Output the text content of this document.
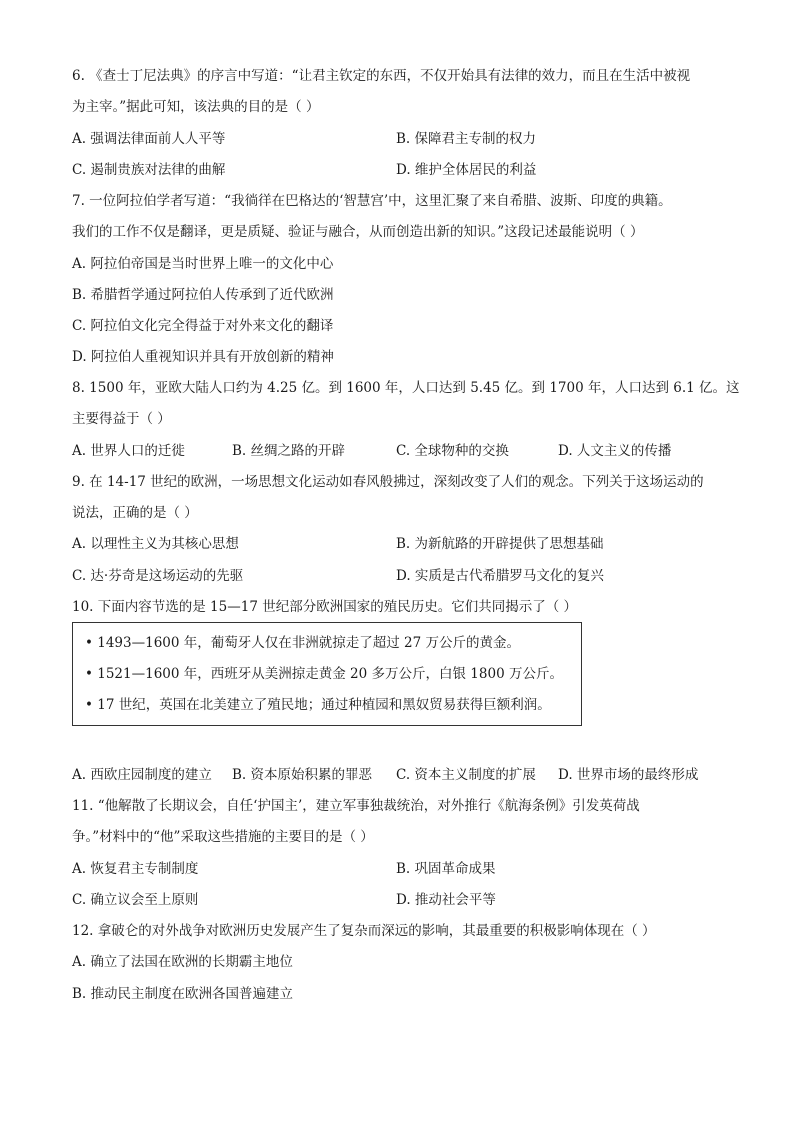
6. 《查士丁尼法典》的序言中写道：“让君主钦定的东西，不仅开始具有法律的效力，而且在生活中被视
为主宰。”据此可知，该法典的目的是（ ）
A. 强调法律面前人人平等	B. 保障君主专制的权力
C. 遏制贵族对法律的曲解	D. 维护全体居民的利益
7. 一位阿拉伯学者写道：“我徜徉在巴格达的‘智慧宫’中，这里汇聚了来自希腊、波斯、印度的典籍。
我们的工作不仅是翻译，更是质疑、验证与融合，从而创造出新的知识。”这段记述最能说明（ ）
A. 阿拉伯帝国是当时世界上唯一的文化中心
B. 希腊哲学通过阿拉伯人传承到了近代欧洲
C. 阿拉伯文化完全得益于对外来文化的翻译
D. 阿拉伯人重视知识并具有开放创新的精神
8. 1500 年，亚欧大陆人口约为 4.25 亿。到 1600 年，人口达到 5.45 亿。到 1700 年，人口达到 6.1 亿。这
主要得益于（ ）
A. 世界人口的迁徙	B. 丝绸之路的开辟	C. 全球物种的交换	D. 人文主义的传播
9. 在 14-17 世纪的欧洲，一场思想文化运动如春风般拂过，深刻改变了人们的观念。下列关于这场运动的
说法，正确的是（ ）
A. 以理性主义为其核心思想	B. 为新航路的开辟提供了思想基础
C. 达·芬奇是这场运动的先驱	D. 实质是古代希腊罗马文化的复兴
10. 下面内容节选的是 15—17 世纪部分欧洲国家的殖民历史。它们共同揭示了（ ）
• 1493—1600 年，葡萄牙人仅在非洲就掠走了超过 27 万公斤的黄金。
• 1521—1600 年，西班牙从美洲掠走黄金 20 多万公斤，白银 1800 万公斤。
• 17 世纪，英国在北美建立了殖民地；通过种植园和黑奴贸易获得巨额利润。
A. 西欧庄园制度的建立 B. 资本原始积累的罪恶 C. 资本主义制度的扩展 D. 世界市场的最终形成
11. “他解散了长期议会，自任‘护国主’，建立军事独裁统治，对外推行《航海条例》引发英荷战
争。”材料中的“他”采取这些措施的主要目的是（ ）
A. 恢复君主专制制度	B. 巩固革命成果
C. 确立议会至上原则	D. 推动社会平等
12. 拿破仑的对外战争对欧洲历史发展产生了复杂而深远的影响，其最重要的积极影响体现在（ ）
A. 确立了法国在欧洲的长期霸主地位
B. 推动民主制度在欧洲各国普遍建立
